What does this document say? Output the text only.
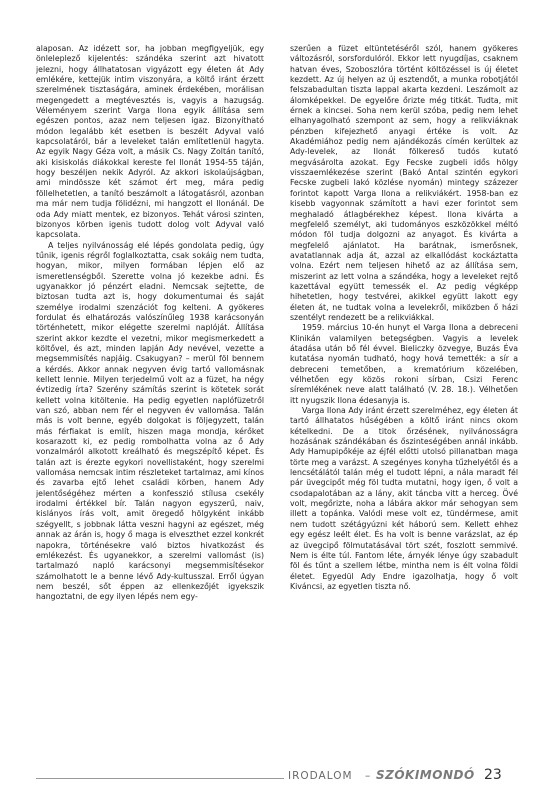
alaposan. Az idézett sor, ha jobban megfigyeljük, egy önleleplező kijelentés: szándéka szerint azt hivatott jelezni, hogy állhatatosan vigyázott egy életen át Ady emlékére, kettejük intim viszonyára, a költő iránt érzett szerelmének tisztaságára, aminek érdekében, morálisan megengedett a megtévesztés is, vagyis a hazugság. Véleményem szerint Varga Ilona egyik állítása sem egészen pontos, azaz nem teljesen igaz. Bizonyítható módon legalább két esetben is beszélt Adyval való kapcsolatáról, bár a leveleket talán említetlenül hagyta. Az egyik Nagy Géza volt, a másik Cs. Nagy Zoltán tanító, aki kisiskolás diákokkal kereste fel Ilonát 1954-55 táján, hogy beszéljen nekik Adyról. Az akkori iskolaújságban, ami mindössze két számot ért meg, mára pedig föllelhetetlen, a tanító beszámolt a látogatásról, azonban ma már nem tudja fölidézni, mi hangzott el Ilonánál. De oda Ady miatt mentek, ez bizonyos. Tehát városi szinten, bizonyos körben igenis tudott dolog volt Adyval való kapcsolata.

A teljes nyilvánosság elé lépés gondolata pedig, úgy tűnik, igenis régről foglalkoztatta, csak sokáig nem tudta, hogyan, mikor, milyen formában lépjen elő az ismeretlenségből. Szerette volna jó kezekbe adni. És ugyanakkor jó pénzért eladni. Nemcsak sejtette, de biztosan tudta azt is, hogy dokumentumai és saját személye irodalmi szenzációt fog kelteni. A gyökeres fordulat és elhatározás valószínűleg 1938 karácsonyán történhetett, mikor elégette szerelmi naplóját. Állítása szerint akkor kezdte el vezetni, mikor megismerkedett a költővel, és azt, minden lapján Ady nevével, vezette a megsemmisítés napjáig. Csakugyan? – merül föl bennem a kérdés. Akkor annak negyven évig tartó vallomásnak kellett lennie. Milyen terjedelmű volt az a füzet, ha négy évtizedig írta? Szerény számítás szerint is kötetek sorát kellett volna kitöltenie. Ha pedig egyetlen naplófüzetről van szó, abban nem fér el negyven év vallomása. Talán más is volt benne, egyéb dolgokat is följegyzett, talán más férfiakat is említ, hiszen maga mondja, kérőket kosarazott ki, ez pedig rombolhatta volna az ő Ady vonzalmáról alkotott kreálható és megszépítő képet. És talán azt is érezte egykori novellistaként, hogy szerelmi vallomása nemcsak intim részleteket tartalmaz, ami kínos és zavarba ejtő lehet családi körben, hanem Ady jelentőségéhez mérten a konfesszió stílusa csekély irodalmi értékkel bír. Talán nagyon egyszerű, naiv, kislányos írás volt, amit öregedő hölgyként inkább szégyellt, s jobbnak látta veszni hagyni az egészet, még annak az árán is, hogy ő maga is elveszthet ezzel konkrét napokra, történésekre való biztos hivatkozást és emlékezést. És ugyanekkor, a szerelmi vallomást (is) tartalmazó napló karácsonyi megsemmisítésekor számolhatott le a benne lévő Ady-kultusszal. Erről úgyan nem beszél, sőt éppen az ellenkezőjét igyekszik hangoztatni, de egy ilyen lépés nem egy-

szerűen a füzet eltüntetéséről szól, hanem gyökeres változásról, sorsfordulóról. Ekkor lett nyugdíjas, csaknem hatvan éves, Szoboszlóra történt költözéssel is új életet kezdett. Az új helyen az új esztendőt, a munka robotjától felszabadultan tiszta lappal akarta kezdeni. Leszámolt az álomképekkel. De egyelőre őrizte még titkát. Tudta, mit érnek a kincsei. Soha nem kerül szóba, pedig nem lehet elhanyagolható szempont az sem, hogy a relikviáknak pénzben kifejezhető anyagi értéke is volt. Az Akadémiához pedig nem ajándékozás címén kerültek az Ady-levelek, az Ilonát fölkereső tudós kutató megvásárolta azokat. Egy Fecske zugbeli idős hölgy visszaemlékezése szerint (Bakó Antal szintén egykori Fecske zugbeli lakó közlése nyomán) mintegy százezer forintot kapott Varga Ilona a relikviákért. 1958-ban ez kisebb vagyonnak számított a havi ezer forintot sem meghaladó átlagbérekhez képest. Ilona kivárta a megfelelő személyt, aki tudományos eszközökkel méltó módon föl tudja dolgozni az anyagot. És kivárta a megfelelő ajánlatot. Ha barátnak, ismerősnek, avatatlannak adja át, azzal az elkallódást kockáztatta volna. Ezért nem teljesen hihető az az állítása sem, miszerint az lett volna a szándéka, hogy a leveleket rejtő kazettával együtt temessék el. Az pedig végképp hihetetlen, hogy testvérei, akikkel együtt lakott egy életen át, ne tudtak volna a levelekről, miközben ő házi szentélyt rendezett be a relikviákkal.

1959. március 10-én hunyt el Varga Ilona a debreceni Klinikán valamilyen betegségben. Vagyis a levelek átadása után bő fél évvel. Bieliczky özvegye, Buzás Éva kutatása nyomán tudható, hogy hová temették: a sír a debreceni temetőben, a krematórium közelében, vélhetően egy közös rokoni sírban, Csizi Ferenc síremlékének neve alatt található (V. 28. 18.). Vélhetően itt nyugszik Ilona édesanyja is.

Varga Ilona Ady iránt érzett szerelméhez, egy életen át tartó állhatatos hűségében a költő iránt nincs okom kételkedni. De a titok őrzésének, nyilvánosságra hozásának szándékában és őszinteségében annál inkább. Ady Hamupipőkéje az éjfél előtti utolsó pillanatban maga törte meg a varázst. A szegényes konyha tűzhelyétől és a lencsétálától talán még el tudott lépni, a nála maradt fél pár üvegcipőt még föl tudta mutatni, hogy igen, ő volt a csodapalotában az a lány, akit táncba vitt a herceg. Övé volt, megőrizte, noha a lábára akkor már sehogyan sem illett a topánka. Valódi mese volt ez, tündérmese, amit nem tudott szétágyúzni két háború sem. Kellett ehhez egy egész leélt élet. És ha volt is benne varázslat, az ép az üvegcipő fölmutatásával tört szét, foszlott semmivé. Nem is élte túl. Fantom léte, árnyék lénye úgy szabadult föl és tűnt a szellem létbe, mintha nem is élt volna földi életet. Egyedül Ady Endre igazolhatja, hogy ő volt Kiváncsi, az egyetlen tiszta nő.

IRODALOM – SZÓKIMONDÓ 23
